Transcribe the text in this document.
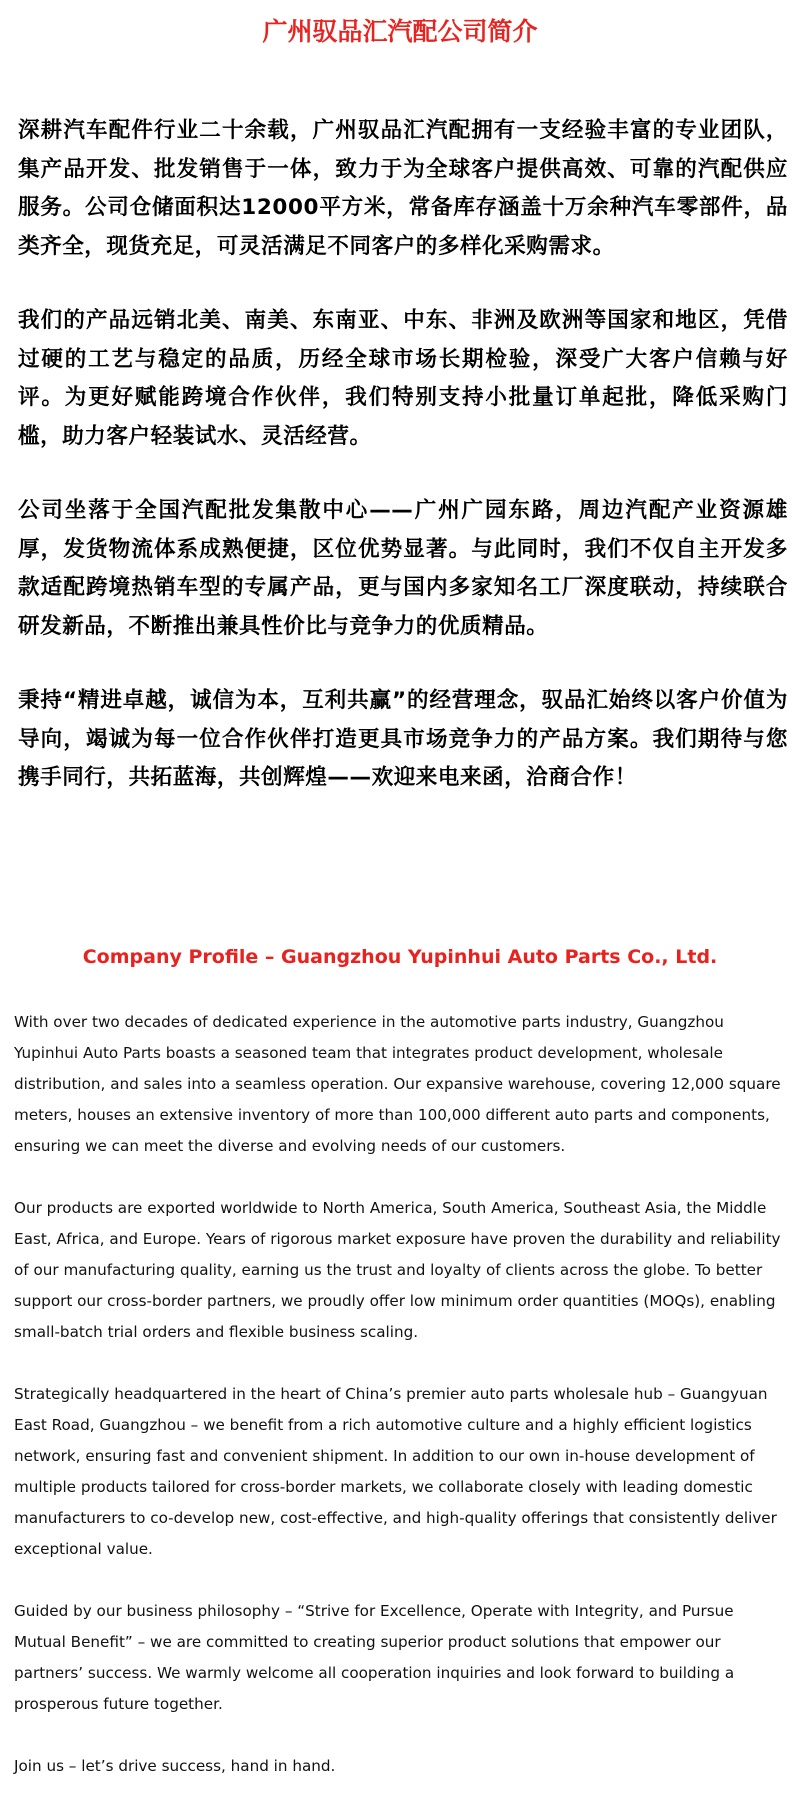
广州驭品汇汽配公司简介

深耕汽车配件行业二十余载，广州驭品汇汽配拥有一支经验丰富的专业团队，集产品开发、批发销售于一体，致力于为全球客户提供高效、可靠的汽配供应服务。公司仓储面积达12000平方米，常备库存涵盖十万余种汽车零部件，品类齐全，现货充足，可灵活满足不同客户的多样化采购需求。

我们的产品远销北美、南美、东南亚、中东、非洲及欧洲等国家和地区，凭借过硬的工艺与稳定的品质，历经全球市场长期检验，深受广大客户信赖与好评。为更好赋能跨境合作伙伴，我们特别支持小批量订单起批，降低采购门槛，助力客户轻装试水、灵活经营。

公司坐落于全国汽配批发集散中心——广州广园东路，周边汽配产业资源雄厚，发货物流体系成熟便捷，区位优势显著。与此同时，我们不仅自主开发多款适配跨境热销车型的专属产品，更与国内多家知名工厂深度联动，持续联合研发新品，不断推出兼具性价比与竞争力的优质精品。

秉持“精进卓越，诚信为本，互利共赢”的经营理念，驭品汇始终以客户价值为导向，竭诚为每一位合作伙伴打造更具市场竞争力的产品方案。我们期待与您携手同行，共拓蓝海，共创辉煌——欢迎来电来函，洽商合作！

Company Profile – Guangzhou Yupinhui Auto Parts Co., Ltd.

With over two decades of dedicated experience in the automotive parts industry, Guangzhou Yupinhui Auto Parts boasts a seasoned team that integrates product development, wholesale distribution, and sales into a seamless operation. Our expansive warehouse, covering 12,000 square meters, houses an extensive inventory of more than 100,000 different auto parts and components, ensuring we can meet the diverse and evolving needs of our customers.

Our products are exported worldwide to North America, South America, Southeast Asia, the Middle East, Africa, and Europe. Years of rigorous market exposure have proven the durability and reliability of our manufacturing quality, earning us the trust and loyalty of clients across the globe. To better support our cross-border partners, we proudly offer low minimum order quantities (MOQs), enabling small-batch trial orders and flexible business scaling.

Strategically headquartered in the heart of China’s premier auto parts wholesale hub – Guangyuan East Road, Guangzhou – we benefit from a rich automotive culture and a highly efficient logistics network, ensuring fast and convenient shipment. In addition to our own in-house development of multiple products tailored for cross-border markets, we collaborate closely with leading domestic manufacturers to co-develop new, cost-effective, and high-quality offerings that consistently deliver exceptional value.

Guided by our business philosophy – “Strive for Excellence, Operate with Integrity, and Pursue Mutual Benefit” – we are committed to creating superior product solutions that empower our partners’ success. We warmly welcome all cooperation inquiries and look forward to building a prosperous future together.

Join us – let’s drive success, hand in hand.
